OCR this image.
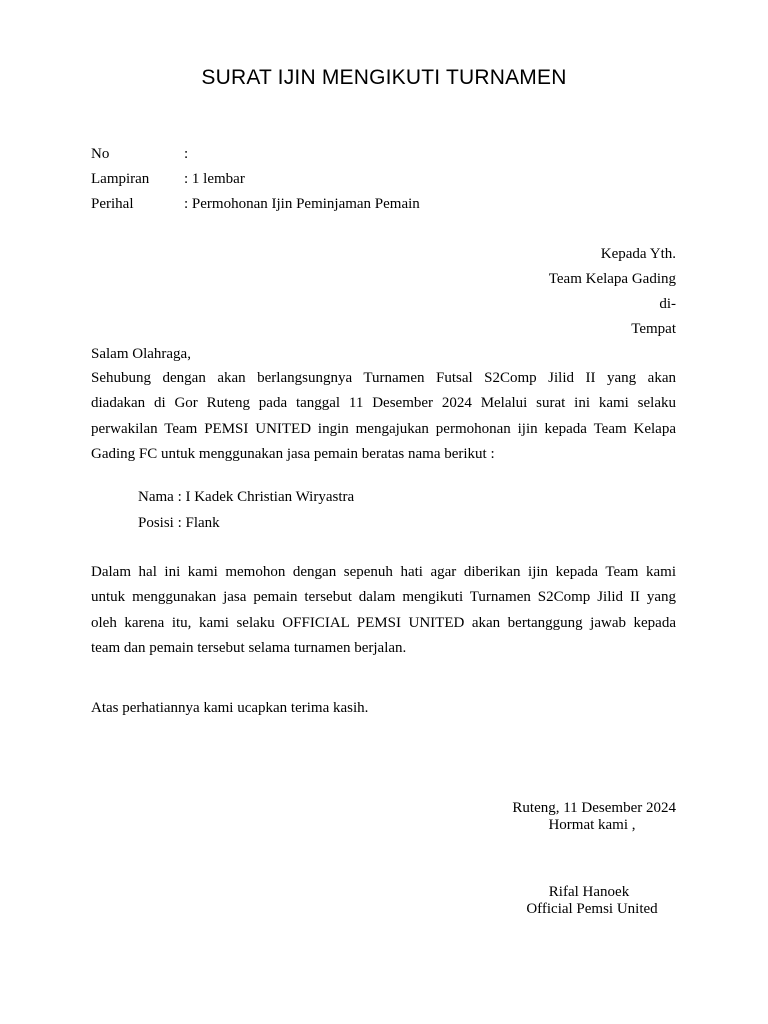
SURAT IJIN MENGIKUTI TURNAMEN
No	:
Lampiran : 1 lembar
Perihal	: Permohonan Ijin Peminjaman Pemain
Kepada Yth.
Team Kelapa Gading
di-
Tempat
Salam Olahraga,
Sehubung dengan akan berlangsungnya Turnamen Futsal S2Comp Jilid II yang akan
diadakan di Gor Ruteng pada tanggal 11 Desember 2024 Melalui surat ini kami selaku
perwakilan Team PEMSI UNITED ingin mengajukan permohonan ijin kepada Team Kelapa
Gading FC untuk menggunakan jasa pemain beratas nama berikut :
Nama : I Kadek Christian Wiryastra
Posisi : Flank
Dalam hal ini kami memohon dengan sepenuh hati agar diberikan ijin kepada Team kami
untuk menggunakan jasa pemain tersebut dalam mengikuti Turnamen S2Comp Jilid II yang
oleh karena itu, kami selaku OFFICIAL PEMSI UNITED akan bertanggung jawab kepada
team dan pemain tersebut selama turnamen berjalan.
Atas perhatiannya kami ucapkan terima kasih.
Ruteng, 11 Desember 2024
Hormat kami ,
Rifal Hanoek
Official Pemsi United
